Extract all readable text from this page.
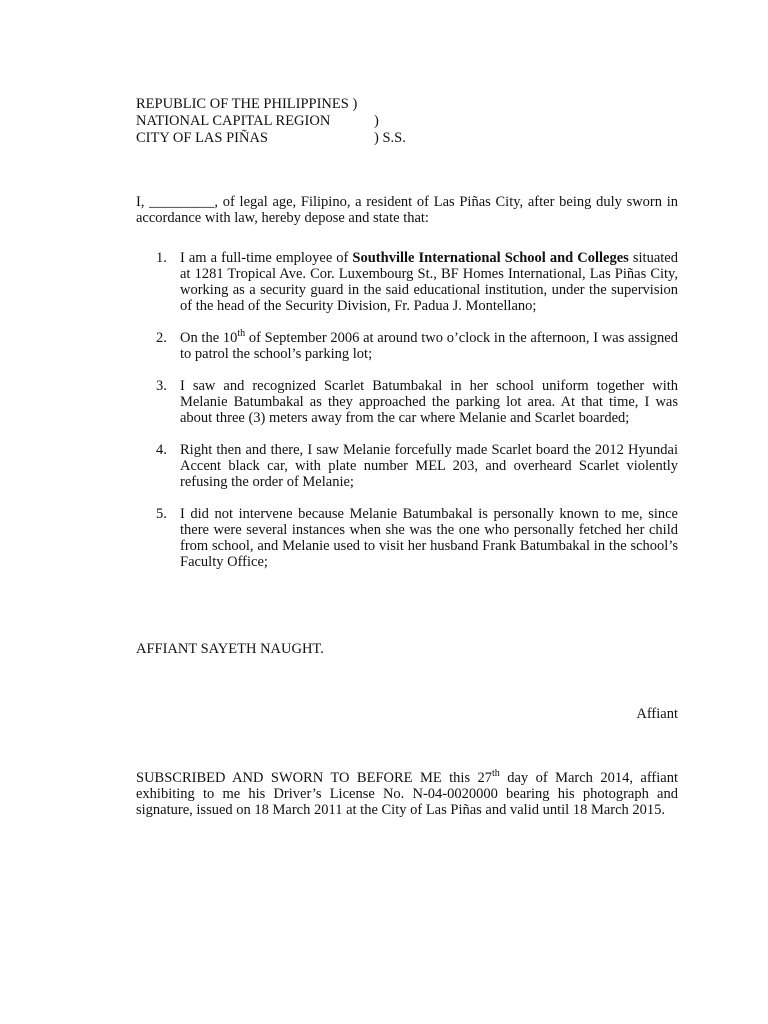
REPUBLIC OF THE PHILIPPINES )
NATIONAL CAPITAL REGION	)
CITY OF LAS PIÑAS	) S.S.
I, _________, of legal age, Filipino, a resident of Las Piñas City, after being duly sworn in accordance with law, hereby depose and state that:
1. I am a full-time employee of Southville International School and Colleges situated at 1281 Tropical Ave. Cor. Luxembourg St., BF Homes International, Las Piñas City, working as a security guard in the said educational institution, under the supervision of the head of the Security Division, Fr. Padua J. Montellano;
2. On the 10th of September 2006 at around two o’clock in the afternoon, I was assigned to patrol the school’s parking lot;
3. I saw and recognized Scarlet Batumbakal in her school uniform together with Melanie Batumbakal as they approached the parking lot area. At that time, I was about three (3) meters away from the car where Melanie and Scarlet boarded;
4. Right then and there, I saw Melanie forcefully made Scarlet board the 2012 Hyundai Accent black car, with plate number MEL 203, and overheard Scarlet violently refusing the order of Melanie;
5. I did not intervene because Melanie Batumbakal is personally known to me, since there were several instances when she was the one who personally fetched her child from school, and Melanie used to visit her husband Frank Batumbakal in the school’s Faculty Office;
AFFIANT SAYETH NAUGHT.
Affiant
SUBSCRIBED AND SWORN TO BEFORE ME this 27th day of March 2014, affiant exhibiting to me his Driver’s License No. N-04-0020000 bearing his photograph and signature, issued on 18 March 2011 at the City of Las Piñas and valid until 18 March 2015.
